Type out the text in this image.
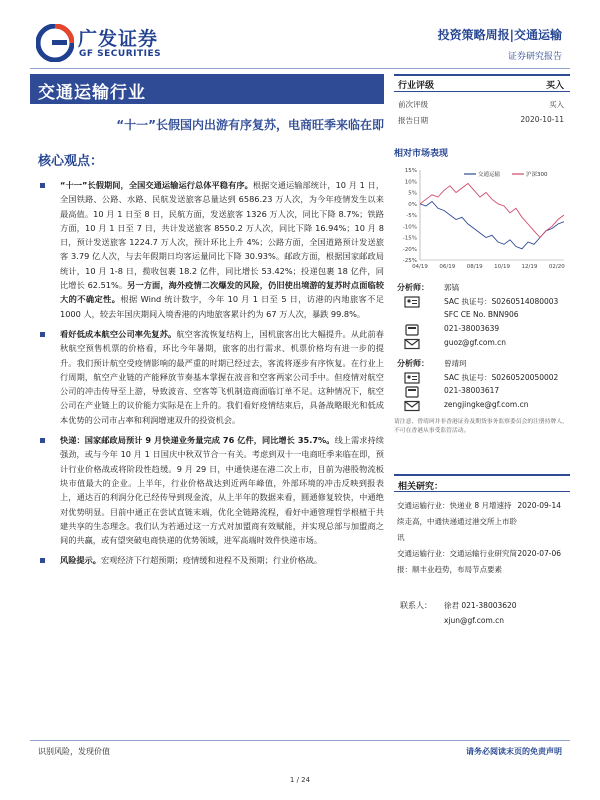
广发证券
GF SECURITIES
投资策略周报|交通运输
证券研究报告
交通运输行业
“十一”长假国内出游有序复苏，电商旺季来临在即
核心观点：
“十一”长假期间，全国交通运输运行总体平稳有序。根据交通运输部统计，10 月 1 日，全国铁路、公路、水路、民航发送旅客总量达到 6586.23 万人次，为今年疫情发生以来最高值。10 月 1 日至 8 日，民航方面，发送旅客 1326 万人次，同比下降 8.7%；铁路方面，10 月 1 日至 7 日，共计发送旅客 8550.2 万人次，同比下降 16.94%；10 月 8 日，预计发送旅客 1224.7 万人次，预计环比上升 4%；公路方面，全国道路预计发送旅客 3.79 亿人次，与去年假期日均客运量同比下降 30.93%。邮政方面，根据国家邮政局统计，10 月 1-8 日，揽收包裹 18.2 亿件，同比增长 53.42%；投递包裹 18 亿件，同比增长 62.51%。另一方面，海外疫情二次爆发的风险，仍旧使出境游的复苏时点面临较大的不确定性。根据 Wind 统计数字，今年 10 月 1 日至 5 日，访港的内地旅客不足 1000 人，较去年国庆期间入境香港的内地旅客累计约为 67 万人次，暴跌 99.8%。
看好低成本航空公司率先复苏。航空客流恢复结构上，国机旅客出比大幅提升。从此前春秋航空预售机票的价格看，环比今年暑期，旅客的出行需求、机票价格均有进一步的提升。我们预计航空受疫情影响的最严重的时期已经过去，客流将逐步有序恢复。在行业上行周期，航空产业链的产能释放节奏基本掌握在波音和空客两家公司手中。但疫情对航空公司的冲击传导至上游，导致波音、空客等飞机制造商面临订单不足。这种情况下，航空公司在产业链上的议价能力实际是在上升的。我们看好疫情结束后，具备战略眼光和低成本优势的公司市占率和利润增速双升的投资机会。
快递：国家邮政局预计 9 月快递业务量完成 76 亿件，同比增长 35.7%。线上需求持续强劲，或与今年 10 月 1 日国庆中秋双节合一有关。考虑到双十一电商旺季来临在即，预计行业价格战或将阶段性趋缓。9 月 29 日，中通快递在港二次上市，目前为港股物流板块市值最大的企业。上半年，行业价格战达到近两年峰值，外部环境的冲击反映到报表上，通达百的利润分化已经传导到现金流，从上半年的数据来看，圆通修复较快，中通绝对优势明显。目前中通正在尝试直链末端，优化全链路流程，看好中通管理哲学根植于共建共享的生态理念。我们认为若通过这一方式对加盟商有效赋能，并实现总部与加盟商之间的共赢，或有望突破电商快递的优势领域，进军高端时效件快递市场。
风险提示。宏观经济下行超预期；疫情缓和进程不及预期；行业价格战。
行业评级	买入
前次评级	买入
报告日期	2020-10-11
相对市场表现
15%
10%
5%
0%
-5%
-10%
-15%
-20%
-25%
04/19 06/19 08/19 10/19 12/19 02/20
交通运输	沪深300
分析师： 郭镐
SAC 执证号：S0260514080003
SFC CE No. BNN906
021-38003639
guoz@gf.com.cn
分析师： 曾靖珂
SAC 执证号：S0260520050002
021-38003617
请注意，曾靖珂并非香港证券及期货事务监察委员会的注册持牌人，不可在香港从事受监管活动。
zengjingke@gf.com.cn
相关研究：
交通运输行业：快递业 8 月增速持续走高，中通快递通过港交所上市聆讯
2020-09-14
交通运输行业：交通运输行业研究简报：顺丰业趋势，布局节点要素
2020-07-06
联系人： 徐君 021-38003620
xjun@gf.com.cn
识别风险，发现价值	请务必阅读末页的免责声明
1 / 24
